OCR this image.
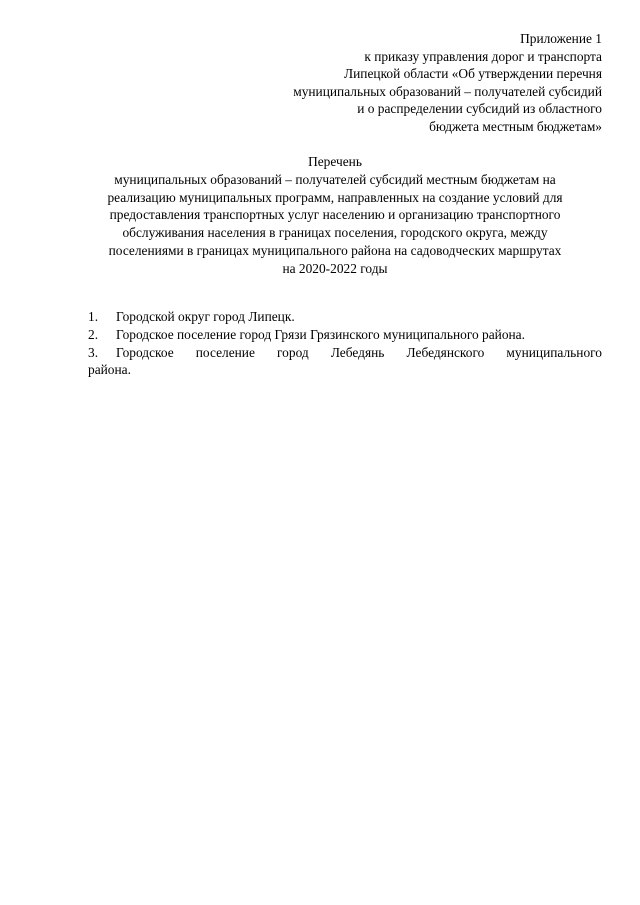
Приложение 1
к приказу управления дорог и транспорта
Липецкой области «Об утверждении перечня
муниципальных образований – получателей субсидий
и о распределении субсидий из областного
бюджета местным бюджетам»
Перечень
муниципальных образований – получателей субсидий местным бюджетам на
реализацию муниципальных программ, направленных на создание условий для
предоставления транспортных услуг населению и организацию транспортного
обслуживания населения в границах поселения, городского округа, между
поселениями в границах муниципального района на садоводческих маршрутах
на 2020-2022 годы
1. Городской округ город Липецк.
2. Городское поселение город Грязи Грязинского муниципального района.
3. Городское поселение город Лебедянь Лебедянского муниципального
района.
